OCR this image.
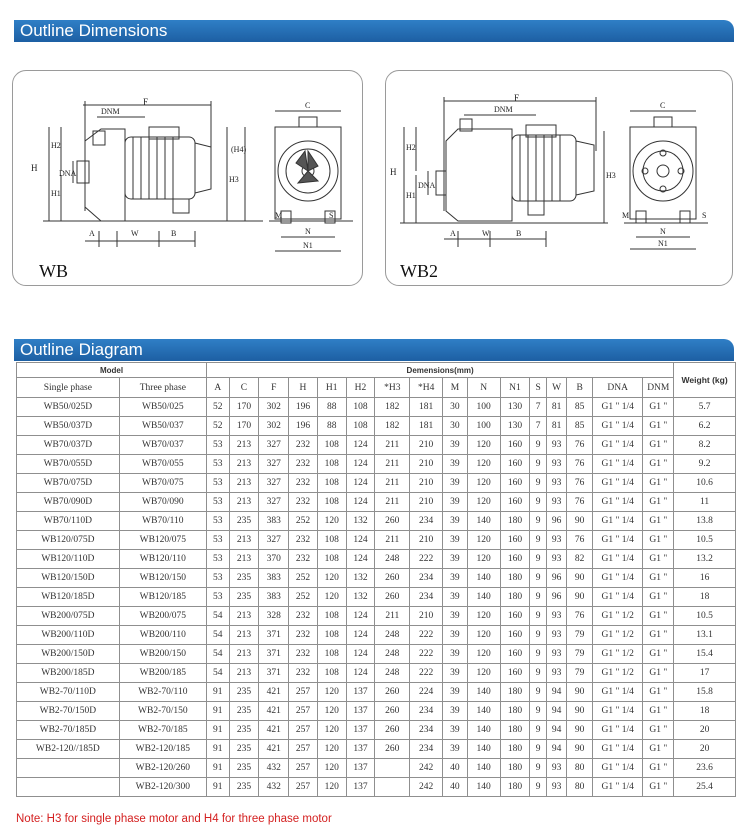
Outline Dimensions
WB
F
DNM
H
H2
H1
DNA
H3
(H4)
A	W	B
C
M	S
N
N1
WB2
F
DNM
H
H2
H1
DNA
H3
A	W	B
C
M	S
N
N1
Outline Diagram
Model		Demensions(mm)																Weight (kg)
Single phase	Three phase	A	C	F	H	H1	H2	*H3	*H4	M	N	N1	S	W	B	DNA	DNM	
WB50/025D	WB50/025	52	170	302	196	88	108	182	181	30	100	130	7	81	85	G1 " 1/4	G1 "	5.7
WB50/037D	WB50/037	52	170	302	196	88	108	182	181	30	100	130	7	81	85	G1 " 1/4	G1 "	6.2
WB70/037D	WB70/037	53	213	327	232	108	124	211	210	39	120	160	9	93	76	G1 " 1/4	G1 "	8.2
WB70/055D	WB70/055	53	213	327	232	108	124	211	210	39	120	160	9	93	76	G1 " 1/4	G1 "	9.2
WB70/075D	WB70/075	53	213	327	232	108	124	211	210	39	120	160	9	93	76	G1 " 1/4	G1 "	10.6
WB70/090D	WB70/090	53	213	327	232	108	124	211	210	39	120	160	9	93	76	G1 " 1/4	G1 "	11
WB70/110D	WB70/110	53	235	383	252	120	132	260	234	39	140	180	9	96	90	G1 " 1/4	G1 "	13.8
WB120/075D	WB120/075	53	213	327	232	108	124	211	210	39	120	160	9	93	76	G1 " 1/4	G1 "	10.5
WB120/110D	WB120/110	53	213	370	232	108	124	248	222	39	120	160	9	93	82	G1 " 1/4	G1 "	13.2
WB120/150D	WB120/150	53	235	383	252	120	132	260	234	39	140	180	9	96	90	G1 " 1/4	G1 "	16
WB120/185D	WB120/185	53	235	383	252	120	132	260	234	39	140	180	9	96	90	G1 " 1/4	G1 "	18
WB200/075D	WB200/075	54	213	328	232	108	124	211	210	39	120	160	9	93	76	G1 " 1/2	G1 "	10.5
WB200/110D	WB200/110	54	213	371	232	108	124	248	222	39	120	160	9	93	79	G1 " 1/2	G1 "	13.1
WB200/150D	WB200/150	54	213	371	232	108	124	248	222	39	120	160	9	93	79	G1 " 1/2	G1 "	15.4
WB200/185D	WB200/185	54	213	371	232	108	124	248	222	39	120	160	9	93	79	G1 " 1/2	G1 "	17
WB2-70/110D	WB2-70/110	91	235	421	257	120	137	260	224	39	140	180	9	94	90	G1 " 1/4	G1 "	15.8
WB2-70/150D	WB2-70/150	91	235	421	257	120	137	260	234	39	140	180	9	94	90	G1 " 1/4	G1 "	18
WB2-70/185D	WB2-70/185	91	235	421	257	120	137	260	234	39	140	180	9	94	90	G1 " 1/4	G1 "	20
WB2-120//185D	WB2-120/185	91	235	421	257	120	137	260	234	39	140	180	9	94	90	G1 " 1/4	G1 "	20
	WB2-120/260	91	235	432	257	120	137		242	40	140	180	9	93	80	G1 " 1/4	G1 "	23.6
	WB2-120/300	91	235	432	257	120	137		242	40	140	180	9	93	80	G1 " 1/4	G1 "	25.4
Note: H3 for single phase motor and H4 for three phase motor
